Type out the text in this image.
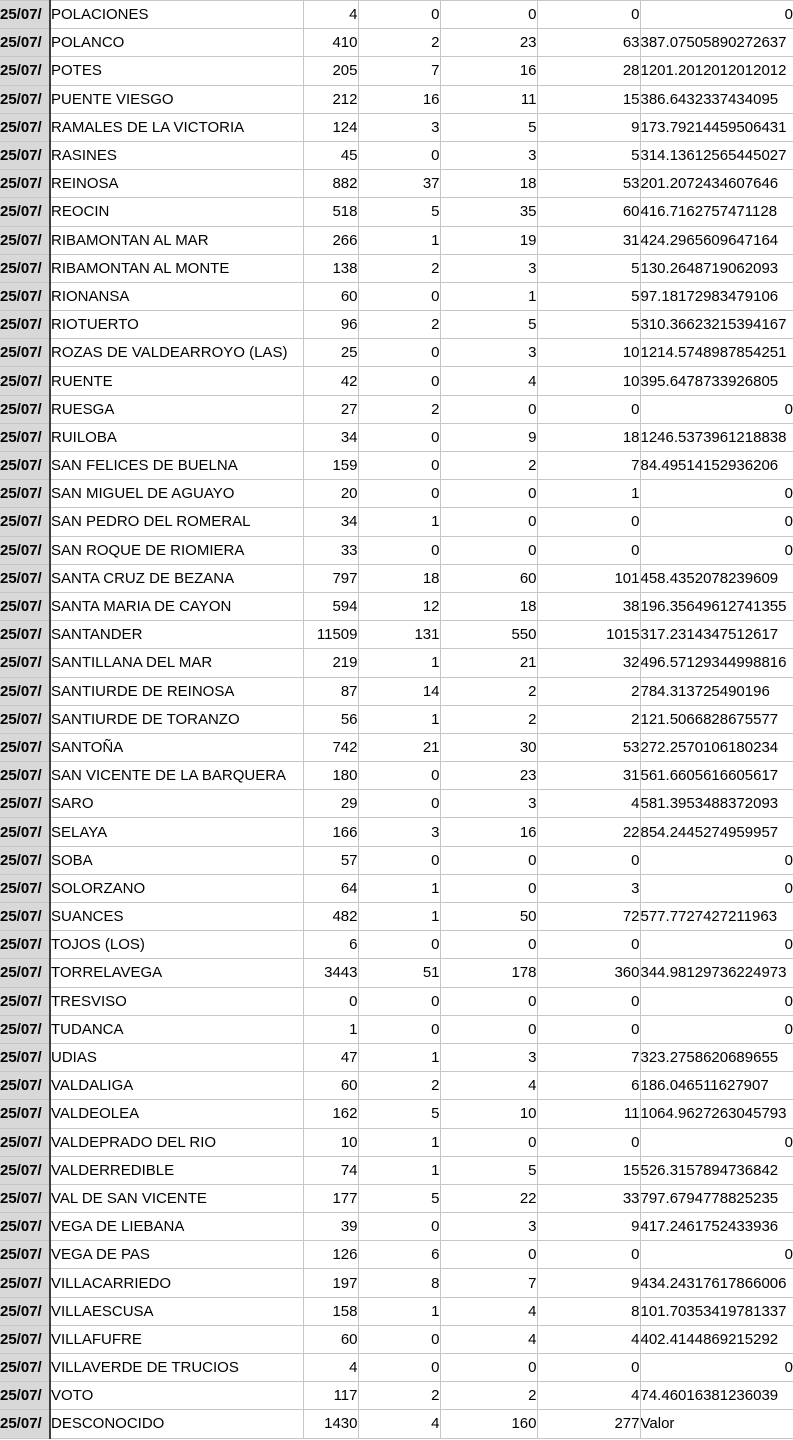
25/07/	POLACIONES	4	0	0	0	0
25/07/	POLANCO	410	2	23	63	387.07505890272637
25/07/	POTES	205	7	16	28	1201.2012012012012
25/07/	PUENTE VIESGO	212	16	11	15	386.6432337434095
25/07/	RAMALES DE LA VICTORIA	124	3	5	9	173.79214459506431
25/07/	RASINES	45	0	3	5	314.13612565445027
25/07/	REINOSA	882	37	18	53	201.2072434607646
25/07/	REOCIN	518	5	35	60	416.7162757471128
25/07/	RIBAMONTAN AL MAR	266	1	19	31	424.2965609647164
25/07/	RIBAMONTAN AL MONTE	138	2	3	5	130.2648719062093
25/07/	RIONANSA	60	0	1	5	97.18172983479106
25/07/	RIOTUERTO	96	2	5	5	310.36623215394167
25/07/	ROZAS DE VALDEARROYO (LAS)	25	0	3	10	1214.5748987854251
25/07/	RUENTE	42	0	4	10	395.6478733926805
25/07/	RUESGA	27	2	0	0	0
25/07/	RUILOBA	34	0	9	18	1246.5373961218838
25/07/	SAN FELICES DE BUELNA	159	0	2	7	84.49514152936206
25/07/	SAN MIGUEL DE AGUAYO	20	0	0	1	0
25/07/	SAN PEDRO DEL ROMERAL	34	1	0	0	0
25/07/	SAN ROQUE DE RIOMIERA	33	0	0	0	0
25/07/	SANTA CRUZ DE BEZANA	797	18	60	101	458.4352078239609
25/07/	SANTA MARIA DE CAYON	594	12	18	38	196.35649612741355
25/07/	SANTANDER	11509	131	550	1015	317.2314347512617
25/07/	SANTILLANA DEL MAR	219	1	21	32	496.57129344998816
25/07/	SANTIURDE DE REINOSA	87	14	2	2	784.313725490196
25/07/	SANTIURDE DE TORANZO	56	1	2	2	121.5066828675577
25/07/	SANTOÑA	742	21	30	53	272.2570106180234
25/07/	SAN VICENTE DE LA BARQUERA	180	0	23	31	561.6605616605617
25/07/	SARO	29	0	3	4	581.3953488372093
25/07/	SELAYA	166	3	16	22	854.2445274959957
25/07/	SOBA	57	0	0	0	0
25/07/	SOLORZANO	64	1	0	3	0
25/07/	SUANCES	482	1	50	72	577.7727427211963
25/07/	TOJOS (LOS)	6	0	0	0	0
25/07/	TORRELAVEGA	3443	51	178	360	344.98129736224973
25/07/	TRESVISO	0	0	0	0	0
25/07/	TUDANCA	1	0	0	0	0
25/07/	UDIAS	47	1	3	7	323.2758620689655
25/07/	VALDALIGA	60	2	4	6	186.046511627907
25/07/	VALDEOLEA	162	5	10	11	1064.9627263045793
25/07/	VALDEPRADO DEL RIO	10	1	0	0	0
25/07/	VALDERREDIBLE	74	1	5	15	526.3157894736842
25/07/	VAL DE SAN VICENTE	177	5	22	33	797.6794778825235
25/07/	VEGA DE LIEBANA	39	0	3	9	417.2461752433936
25/07/	VEGA DE PAS	126	6	0	0	0
25/07/	VILLACARRIEDO	197	8	7	9	434.24317617866006
25/07/	VILLAESCUSA	158	1	4	8	101.70353419781337
25/07/	VILLAFUFRE	60	0	4	4	402.4144869215292
25/07/	VILLAVERDE DE TRUCIOS	4	0	0	0	0
25/07/	VOTO	117	2	2	4	74.46016381236039
25/07/	DESCONOCIDO	1430	4	160	277	Valor
